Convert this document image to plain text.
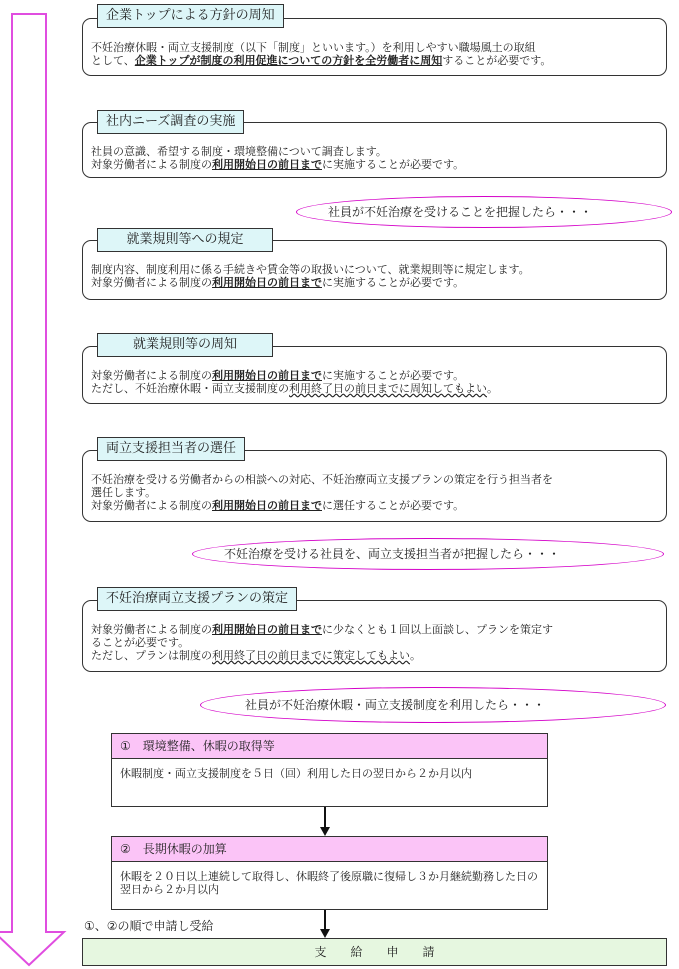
企業トップによる方針の周知
不妊治療休暇・両立支援制度（以下「制度」といいます。）を利用しやすい職場風土の取組
として、企業トップが制度の利用促進についての方針を全労働者に周知することが必要です。
社内ニーズ調査の実施
社員の意識、希望する制度・環境整備について調査します。
対象労働者による制度の利用開始日の前日までに実施することが必要です。
社員が不妊治療を受けることを把握したら・・・
就業規則等への規定
制度内容、制度利用に係る手続きや賃金等の取扱いについて、就業規則等に規定します。
対象労働者による制度の利用開始日の前日までに実施することが必要です。
就業規則等の周知
対象労働者による制度の利用開始日の前日までに実施することが必要です。
ただし、不妊治療休暇・両立支援制度の利用終了日の前日までに周知してもよい。
両立支援担当者の選任
不妊治療を受ける労働者からの相談への対応、不妊治療両立支援プランの策定を行う担当者を
選任します。
対象労働者による制度の利用開始日の前日までに選任することが必要です。
不妊治療を受ける社員を、両立支援担当者が把握したら・・・
不妊治療両立支援プランの策定
対象労働者による制度の利用開始日の前日までに少なくとも１回以上面談し、プランを策定す
ることが必要です。
ただし、プランは制度の利用終了日の前日までに策定してもよい。
社員が不妊治療休暇・両立支援制度を利用したら・・・
①　環境整備、休暇の取得等
休暇制度・両立支援制度を５日（回）利用した日の翌日から２か月以内
②　長期休暇の加算
休暇を２０日以上連続して取得し、休暇終了後原職に復帰し３か月継続勤務した日の翌日から２か月以内
①、②の順で申請し受給
支　　給　　申　　請
